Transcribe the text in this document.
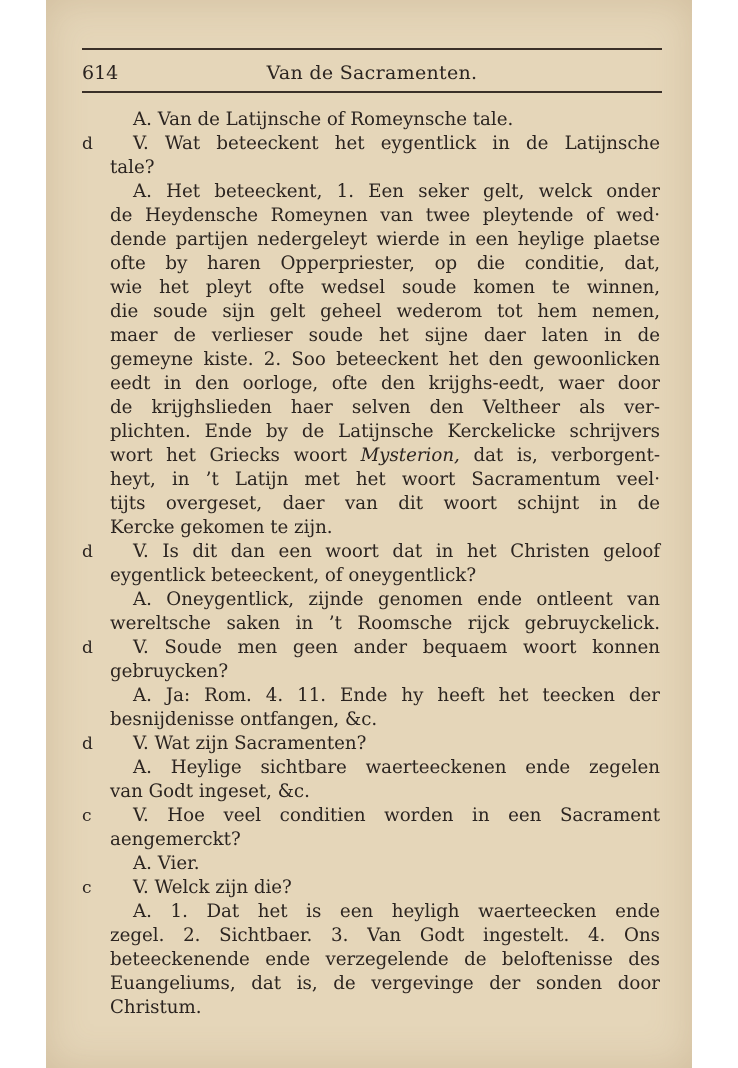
614	Van de Sacramenten.
A. Van de Latijnsche of Romeynsche tale.
d V. Wat beteeckent het eygentlick in de Latijnsche
tale?
A. Het beteeckent, 1. Een seker gelt, welck onder
de Heydensche Romeynen van twee pleytende of wed·
dende partijen nedergeleyt wierde in een heylige plaetse
ofte by haren Opperpriester, op die conditie, dat,
wie het pleyt ofte wedsel soude komen te winnen,
die soude sijn gelt geheel wederom tot hem nemen,
maer de verlieser soude het sijne daer laten in de
gemeyne kiste. 2. Soo beteeckent het den gewoonlicken
eedt in den oorloge, ofte den krijghs-eedt, waer door
de krijghslieden haer selven den Veltheer als ver-
plichten. Ende by de Latijnsche Kerckelicke schrijvers
wort het Griecks woort Mysterion, dat is, verborgent-
heyt, in ’t Latijn met het woort Sacramentum veel·
tijts overgeset, daer van dit woort schijnt in de
Kercke gekomen te zijn.
d V. Is dit dan een woort dat in het Christen geloof
eygentlick beteeckent, of oneygentlick?
A. Oneygentlick, zijnde genomen ende ontleent van
wereltsche saken in ’t Roomsche rijck gebruyckelick.
d V. Soude men geen ander bequaem woort konnen
gebruycken?
A. Ja: Rom. 4. 11. Ende hy heeft het teecken der
besnijdenisse ontfangen, &c.
d V. Wat zijn Sacramenten?
A. Heylige sichtbare waerteeckenen ende zegelen
van Godt ingeset, &c.
c V. Hoe veel conditien worden in een Sacrament
aengemerckt?
A. Vier.
c V. Welck zijn die?
A. 1. Dat het is een heyligh waerteecken ende
zegel. 2. Sichtbaer. 3. Van Godt ingestelt. 4. Ons
beteeckenende ende verzegelende de beloftenisse des
Euangeliums, dat is, de vergevinge der sonden door
Christum.
